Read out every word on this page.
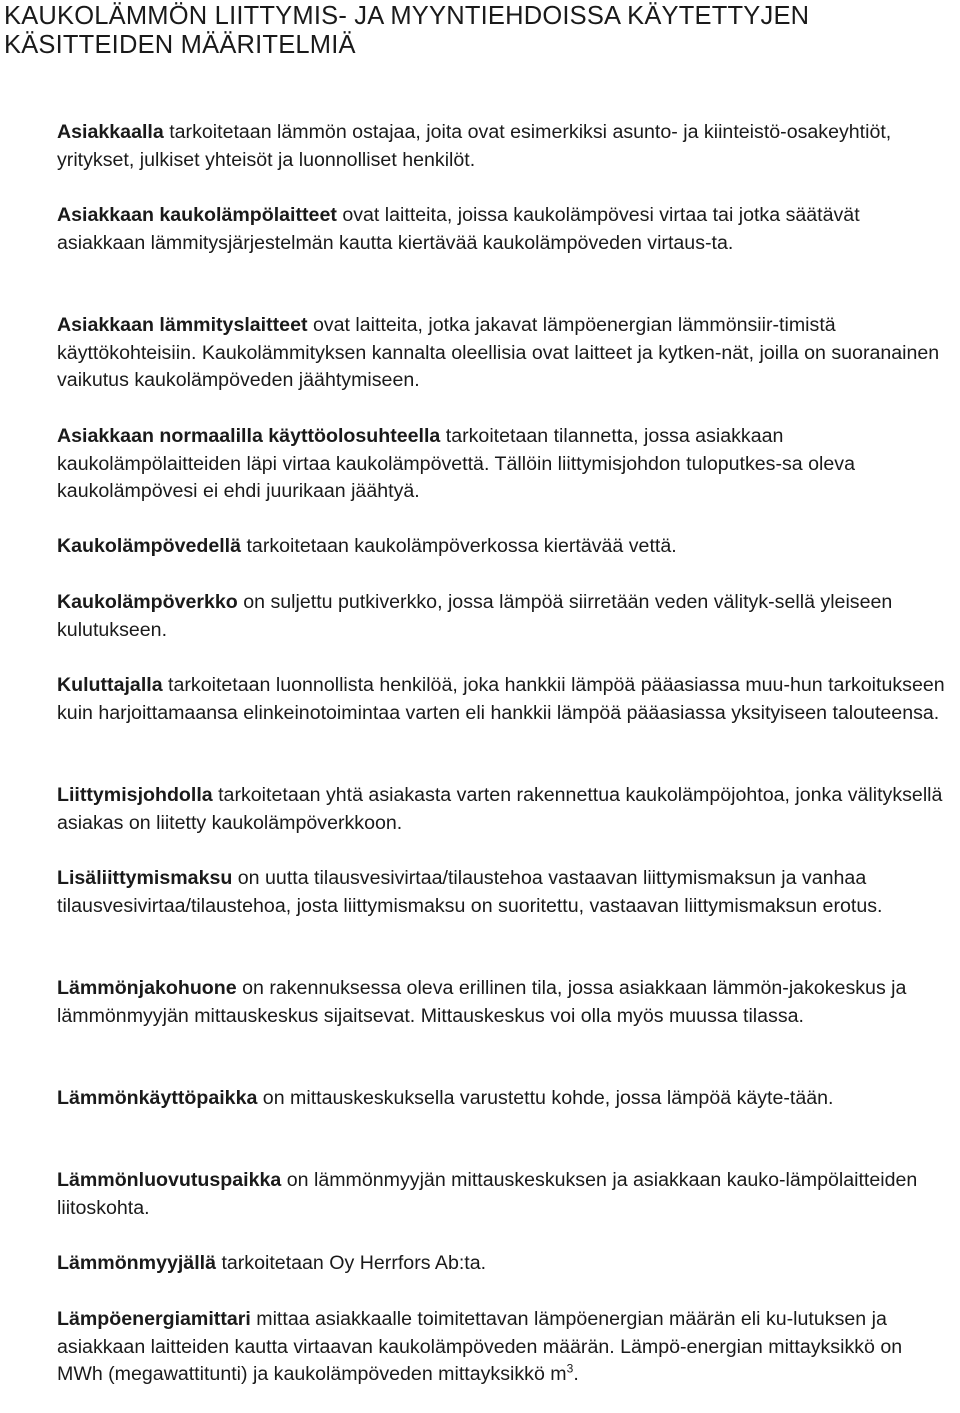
KAUKOLÄMMÖN LIITTYMIS- JA MYYNTIEHDOISSA KÄYTETTYJEN
KÄSITTEIDEN MÄÄRITELMIÄ

Asiakkaalla tarkoitetaan lämmön ostajaa, joita ovat esimerkiksi asunto- ja kiinteistö-osakeyhtiöt, yritykset, julkiset yhteisöt ja luonnolliset henkilöt.

Asiakkaan kaukolämpölaitteet ovat laitteita, joissa kaukolämpövesi virtaa tai jotka säätävät asiakkaan lämmitysjärjestelmän kautta kiertävää kaukolämpöveden virtaus-ta.

Asiakkaan lämmityslaitteet ovat laitteita, jotka jakavat lämpöenergian lämmönsiir-timistä käyttökohteisiin. Kaukolämmityksen kannalta oleellisia ovat laitteet ja kytken-nät, joilla on suoranainen vaikutus kaukolämpöveden jäähtymiseen.

Asiakkaan normaalilla käyttöolosuhteella tarkoitetaan tilannetta, jossa asiakkaan kaukolämpölaitteiden läpi virtaa kaukolämpövettä. Tällöin liittymisjohdon tuloputkes-sa oleva kaukolämpövesi ei ehdi juurikaan jäähtyä.

Kaukolämpövedellä tarkoitetaan kaukolämpöverkossa kiertävää vettä.

Kaukolämpöverkko on suljettu putkiverkko, jossa lämpöä siirretään veden välityk-sellä yleiseen kulutukseen.

Kuluttajalla tarkoitetaan luonnollista henkilöä, joka hankkii lämpöä pääasiassa muu-hun tarkoitukseen kuin harjoittamaansa elinkeinotoimintaa varten eli hankkii lämpöä pääasiassa yksityiseen talouteensa.

Liittymisjohdolla tarkoitetaan yhtä asiakasta varten rakennettua kaukolämpöjohtoa, jonka välityksellä asiakas on liitetty kaukolämpöverkkoon.

Lisäliittymismaksu on uutta tilausvesivirtaa/tilaustehoa vastaavan liittymismaksun ja vanhaa tilausvesivirtaa/tilaustehoa, josta liittymismaksu on suoritettu, vastaavan liittymismaksun erotus.

Lämmönjakohuone on rakennuksessa oleva erillinen tila, jossa asiakkaan lämmön-jakokeskus ja lämmönmyyjän mittauskeskus sijaitsevat. Mittauskeskus voi olla myös muussa tilassa.

Lämmönkäyttöpaikka on mittauskeskuksella varustettu kohde, jossa lämpöä käyte-tään.

Lämmönluovutuspaikka on lämmönmyyjän mittauskeskuksen ja asiakkaan kauko-lämpölaitteiden liitoskohta.

Lämmönmyyjällä tarkoitetaan Oy Herrfors Ab:ta.

Lämpöenergiamittari mittaa asiakkaalle toimitettavan lämpöenergian määrän eli ku-lutuksen ja asiakkaan laitteiden kautta virtaavan kaukolämpöveden määrän. Lämpö-energian mittayksikkö on MWh (megawattitunti) ja kaukolämpöveden mittayksikkö $m^3$.
